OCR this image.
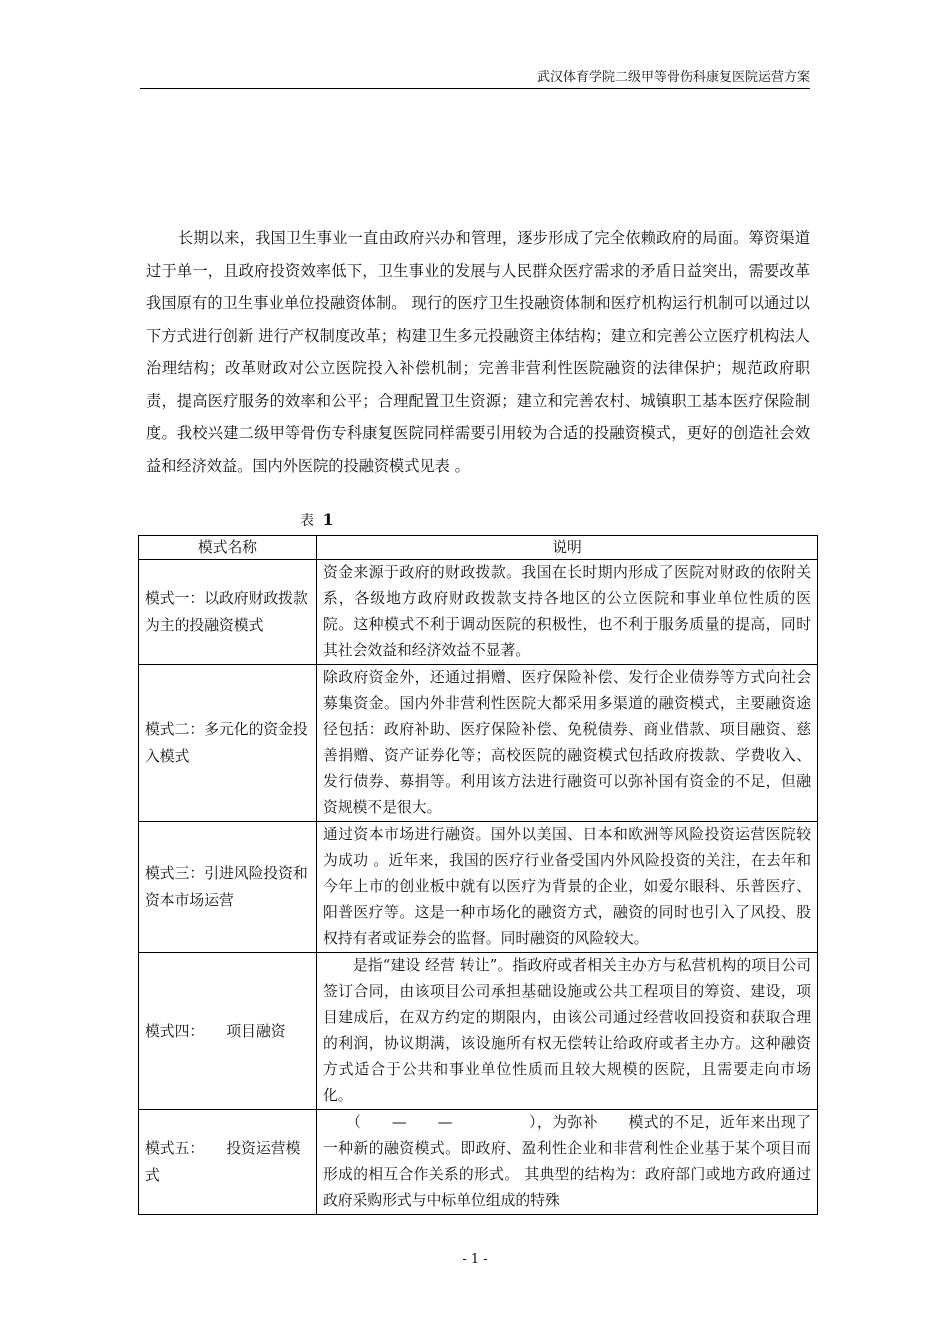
武汉体育学院二级甲等骨伤科康复医院运营方案

长期以来，我国卫生事业一直由政府兴办和管理，逐步形成了完全依赖政府的局面。筹资渠道过于单一，且政府投资效率低下，卫生事业的发展与人民群众医疗需求的矛盾日益突出，需要改革我国原有的卫生事业单位投融资体制。 现行的医疗卫生投融资体制和医疗机构运行机制可以通过以下方式进行创新 进行产权制度改革；构建卫生多元投融资主体结构；建立和完善公立医疗机构法人治理结构；改革财政对公立医院投入补偿机制；完善非营利性医院融资的法律保护；规范政府职责，提高医疗服务的效率和公平；合理配置卫生资源；建立和完善农村、城镇职工基本医疗保险制度。我校兴建二级甲等骨伤专科康复医院同样需要引用较为合适的投融资模式，更好的创造社会效益和经济效益。国内外医院的投融资模式见表 。

表 1
模式名称	说明
模式一：以政府财政拨款为主的投融资模式	资金来源于政府的财政拨款。我国在长时期内形成了医院对财政的依附关系，各级地方政府财政拨款支持各地区的公立医院和事业单位性质的医院。这种模式不利于调动医院的积极性，也不利于服务质量的提高，同时其社会效益和经济效益不显著。
模式二：多元化的资金投入模式	除政府资金外，还通过捐赠、医疗保险补偿、发行企业债券等方式向社会募集资金。国内外非营利性医院大都采用多渠道的融资模式，主要融资途径包括：政府补助、医疗保险补偿、免税债券、商业借款、项目融资、慈善捐赠、资产证券化等；高校医院的融资模式包括政府拨款、学费收入、发行债券、募捐等。利用该方法进行融资可以弥补国有资金的不足，但融资规模不是很大。
模式三：引进风险投资和资本市场运营	通过资本市场进行融资。国外以美国、日本和欧洲等风险投资运营医院较为成功 。近年来，我国的医疗行业备受国内外风险投资的关注，在去年和今年上市的创业板中就有以医疗为背景的企业，如爱尔眼科、乐普医疗、阳普医疗等。这是一种市场化的融资方式，融资的同时也引入了风投、股权持有者或证券会的监督。同时融资的风险较大。
模式四：　　项目融资	　　是指“建设 经营 转让”。指政府或者相关主办方与私营机构的项目公司签订合同，由该项目公司承担基础设施或公共工程项目的筹资、建设，项目建成后，在双方约定的期限内，由该公司通过经营收回投资和获取合理的利润，协议期满，该设施所有权无偿转让给政府或者主办方。这种融资方式适合于公共和事业单位性质而且较大规模的医院，且需要走向市场化。
模式五：　　投资运营模式	　　（　　—　　—　　　　　），为弥补　　模式的不足，近年来出现了一种新的融资模式。即政府、盈利性企业和非营利性企业基于某个项目而形成的相互合作关系的形式。 其典型的结构为：政府部门或地方政府通过政府采购形式与中标单位组成的特殊
- 1 -
